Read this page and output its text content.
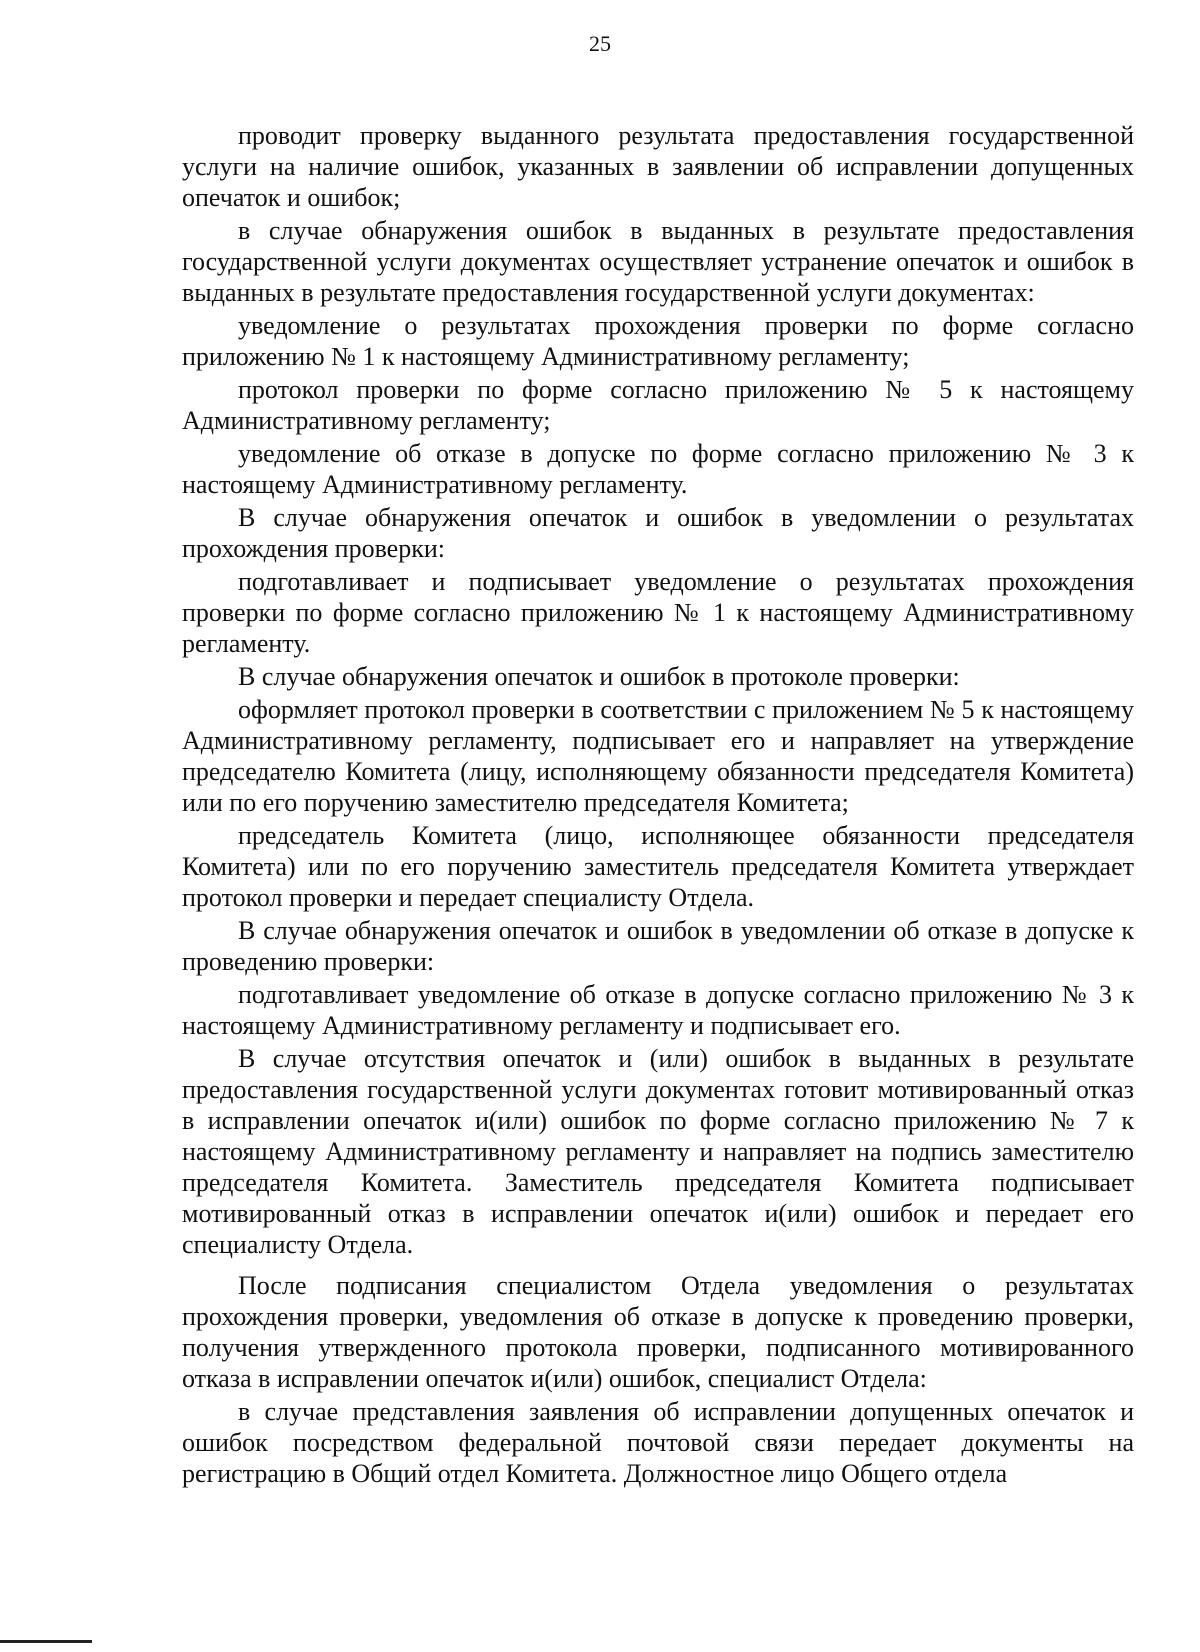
25

проводит проверку выданного результата предоставления государственной услуги на наличие ошибок, указанных в заявлении об исправлении допущенных опечаток и ошибок;

в случае обнаружения ошибок в выданных в результате предоставления государственной услуги документах осуществляет устранение опечаток и ошибок в выданных в результате предоставления государственной услуги документах:

уведомление о результатах прохождения проверки по форме согласно приложению № 1 к настоящему Административному регламенту;

протокол проверки по форме согласно приложению № 5 к настоящему Административному регламенту;

уведомление об отказе в допуске по форме согласно приложению № 3 к настоящему Административному регламенту.

В случае обнаружения опечаток и ошибок в уведомлении о результатах прохождения проверки:

подготавливает и подписывает уведомление о результатах прохождения проверки по форме согласно приложению № 1 к настоящему Административному регламенту.

В случае обнаружения опечаток и ошибок в протоколе проверки:

оформляет протокол проверки в соответствии с приложением № 5 к настоящему Административному регламенту, подписывает его и направляет на утверждение председателю Комитета (лицу, исполняющему обязанности председателя Комитета) или по его поручению заместителю председателя Комитета;

председатель Комитета (лицо, исполняющее обязанности председателя Комитета) или по его поручению заместитель председателя Комитета утверждает протокол проверки и передает специалисту Отдела.

В случае обнаружения опечаток и ошибок в уведомлении об отказе в допуске к проведению проверки:

подготавливает уведомление об отказе в допуске согласно приложению № 3 к настоящему Административному регламенту и подписывает его.

В случае отсутствия опечаток и (или) ошибок в выданных в результате предоставления государственной услуги документах готовит мотивированный отказ в исправлении опечаток и(или) ошибок по форме согласно приложению № 7 к настоящему Административному регламенту и направляет на подпись заместителю председателя Комитета. Заместитель председателя Комитета подписывает мотивированный отказ в исправлении опечаток и(или) ошибок и передает его специалисту Отдела.

После подписания специалистом Отдела уведомления о результатах прохождения проверки, уведомления об отказе в допуске к проведению проверки, получения утвержденного протокола проверки, подписанного мотивированного отказа в исправлении опечаток и(или) ошибок, специалист Отдела:

в случае представления заявления об исправлении допущенных опечаток и ошибок посредством федеральной почтовой связи передает документы на регистрацию в Общий отдел Комитета. Должностное лицо Общего отдела
